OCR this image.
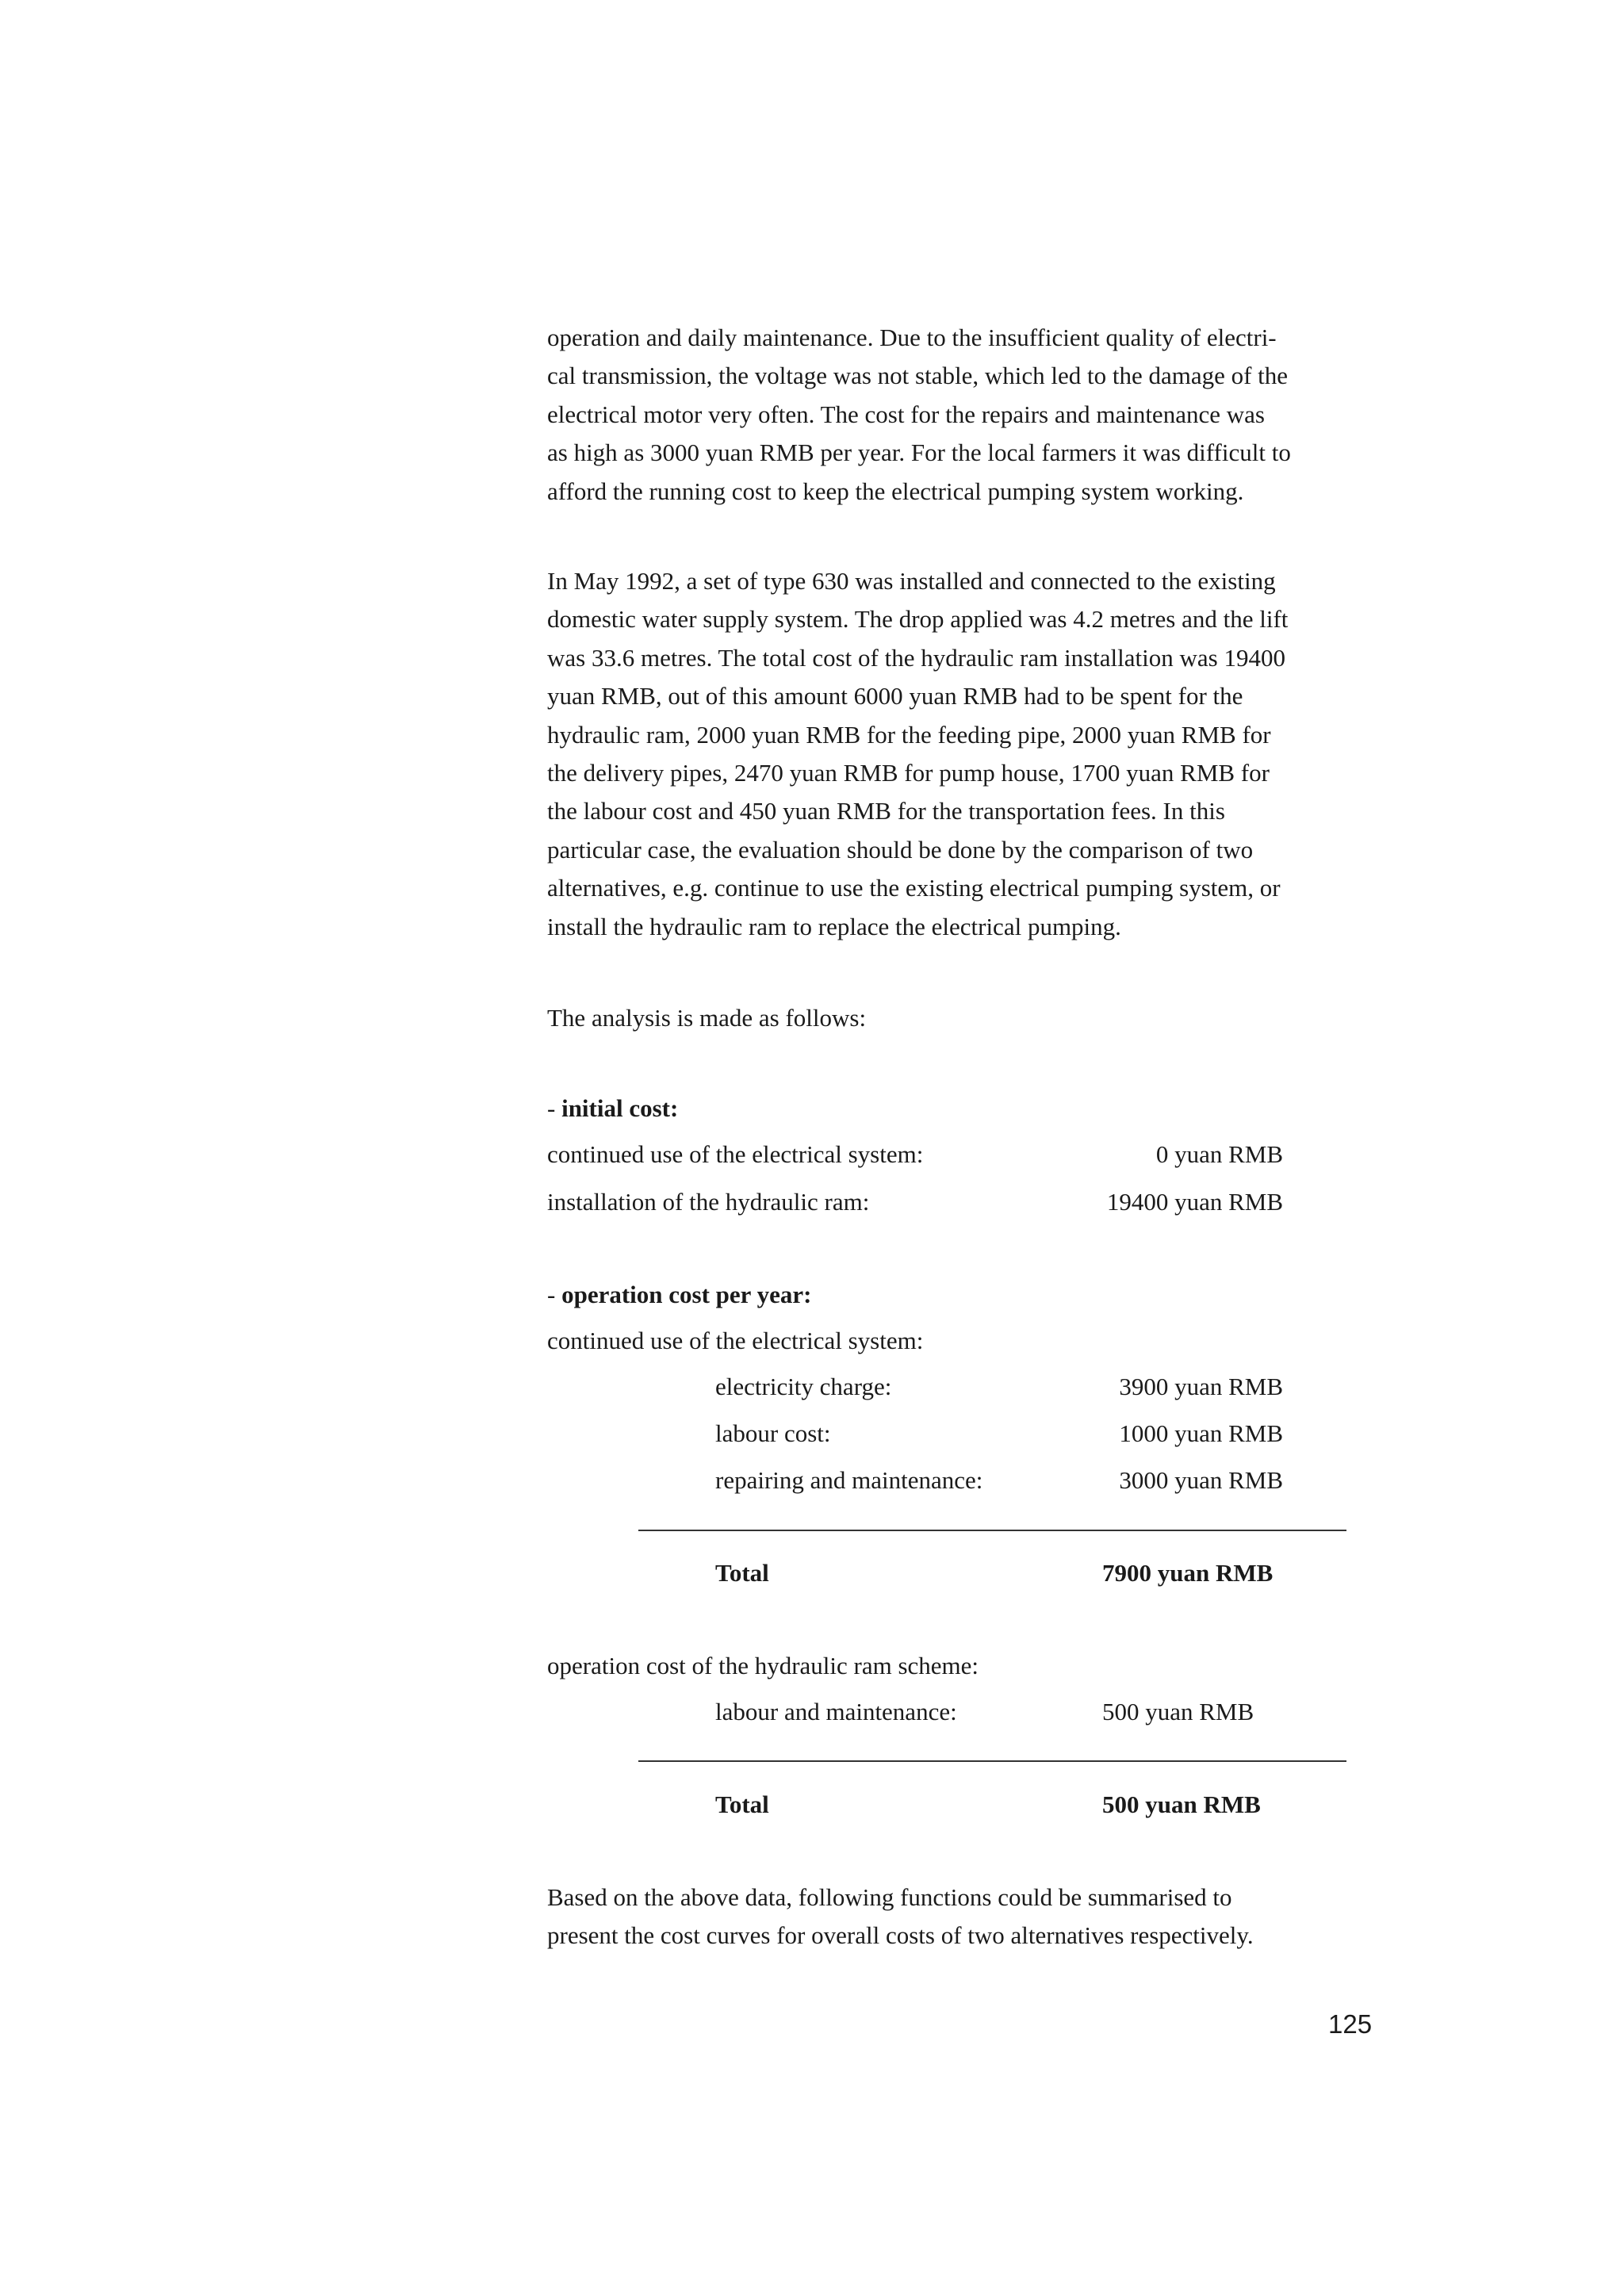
operation and daily maintenance. Due to the insufficient quality of electri-
cal transmission, the voltage was not stable, which led to the damage of the
electrical motor very often. The cost for the repairs and maintenance was
as high as 3000 yuan RMB per year. For the local farmers it was difficult to
afford the running cost to keep the electrical pumping system working.

In May 1992, a set of type 630 was installed and connected to the existing
domestic water supply system. The drop applied was 4.2 metres and the lift
was 33.6 metres. The total cost of the hydraulic ram installation was 19400
yuan RMB, out of this amount 6000 yuan RMB had to be spent for the
hydraulic ram, 2000 yuan RMB for the feeding pipe, 2000 yuan RMB for
the delivery pipes, 2470 yuan RMB for pump house, 1700 yuan RMB for
the labour cost and 450 yuan RMB for the transportation fees. In this
particular case, the evaluation should be done by the comparison of two
alternatives, e.g. continue to use the existing electrical pumping system, or
install the hydraulic ram to replace the electrical pumping.

The analysis is made as follows:

- initial cost:
continued use of the electrical system:	0 yuan RMB
installation of the hydraulic ram:	19400 yuan RMB
- operation cost per year:
continued use of the electrical system:
electricity charge:	3900 yuan RMB
labour cost:	1000 yuan RMB
repairing and maintenance:	3000 yuan RMB
Total	7900 yuan RMB
operation cost of the hydraulic ram scheme:
labour and maintenance:	500 yuan RMB
Total	500 yuan RMB

Based on the above data, following functions could be summarised to
present the cost curves for overall costs of two alternatives respectively.

125
